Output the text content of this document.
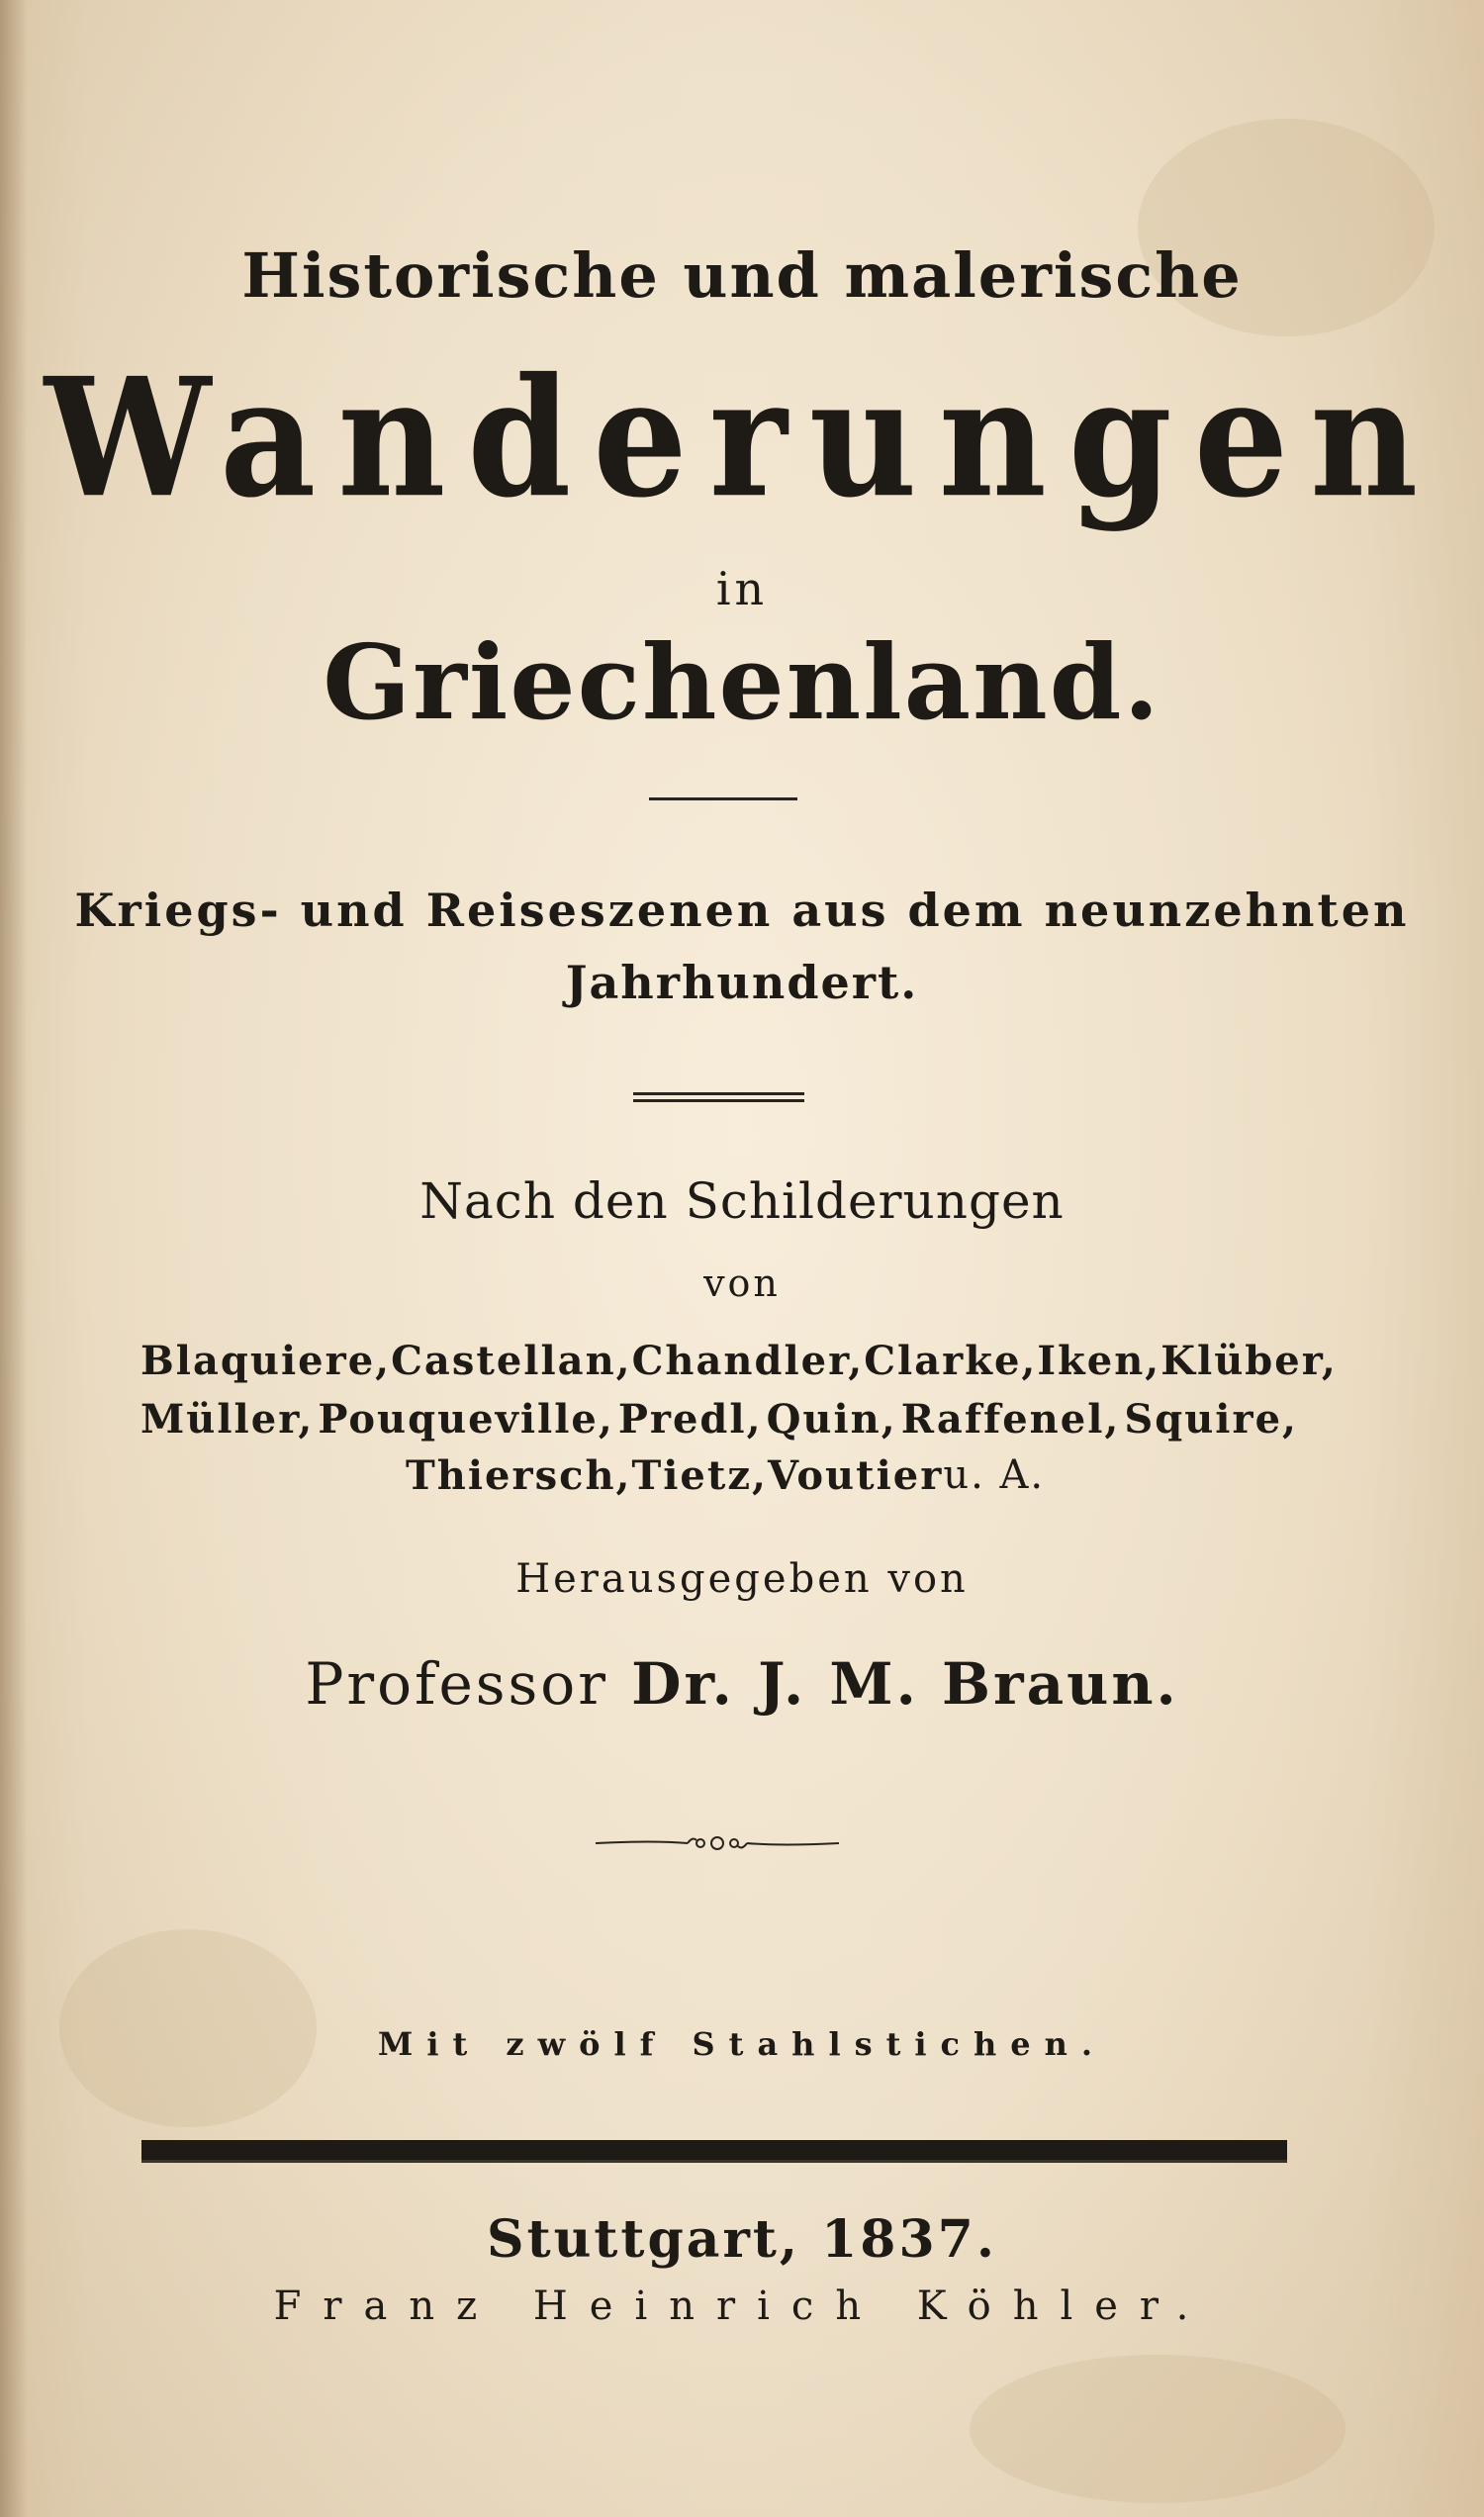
Historische und malerische
Wanderungen
in
Griechenland.
Kriegs- und Reiseszenen aus dem neunzehnten
Jahrhundert.
Nach den Schilderungen
von
Blaquiere, Castellan, Chandler, Clarke, Iken, Klüber,
Müller, Pouqueville, Predl, Quin, Raffenel, Squire,
Thiersch, Tietz, Voutier u. A.
Herausgegeben von
Professor Dr. J. M. Braun.
Mit zwölf Stahlstichen.
Stuttgart, 1837.
Franz Heinrich Köhler.
